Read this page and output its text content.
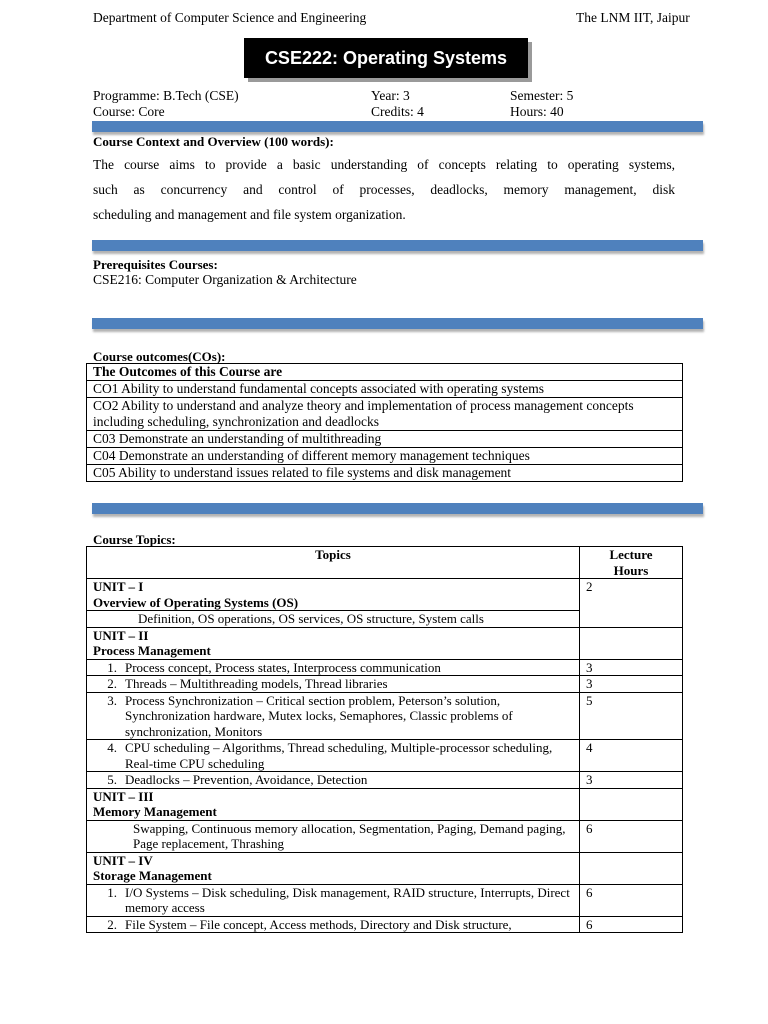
Department of Computer Science and Engineering	The LNM IIT, Jaipur
CSE222: Operating Systems
Programme: B.Tech (CSE)	Year: 3	Semester: 5
Course: Core	Credits: 4	Hours: 40
Course Context and Overview (100 words):
The course aims to provide a basic understanding of concepts relating to operating systems,
such as concurrency and control of processes, deadlocks, memory management, disk
scheduling and management and file system organization.
Prerequisites Courses:
CSE216: Computer Organization & Architecture
Course outcomes(COs):
The Outcomes of this Course are
CO1 Ability to understand fundamental concepts associated with operating systems
CO2 Ability to understand and analyze theory and implementation of process management concepts including scheduling, synchronization and deadlocks
C03 Demonstrate an understanding of multithreading
C04 Demonstrate an understanding of different memory management techniques
C05 Ability to understand issues related to file systems and disk management
Course Topics:
Topics	Lecture
Hours

UNIT – I
Overview of Operating Systems (OS)	2

Definition, OS operations, OS services, OS structure, System calls	

UNIT – II
Process Management	

1. Process concept, Process states, Interprocess communication	3

2. Threads – Multithreading models, Thread libraries	3

3. Process Synchronization – Critical section problem, Peterson’s solution, Synchronization hardware, Mutex locks, Semaphores, Classic problems of synchronization, Monitors	5

4. CPU scheduling – Algorithms, Thread scheduling, Multiple-processor scheduling, Real-time CPU scheduling	4

5. Deadlocks – Prevention, Avoidance, Detection	3

UNIT – III
Memory Management	

Swapping, Continuous memory allocation, Segmentation, Paging, Demand paging, Page replacement, Thrashing	6

UNIT – IV
Storage Management	

1. I/O Systems – Disk scheduling, Disk management, RAID structure, Interrupts, Direct memory access	6

2. File System – File concept, Access methods, Directory and Disk structure,	6
